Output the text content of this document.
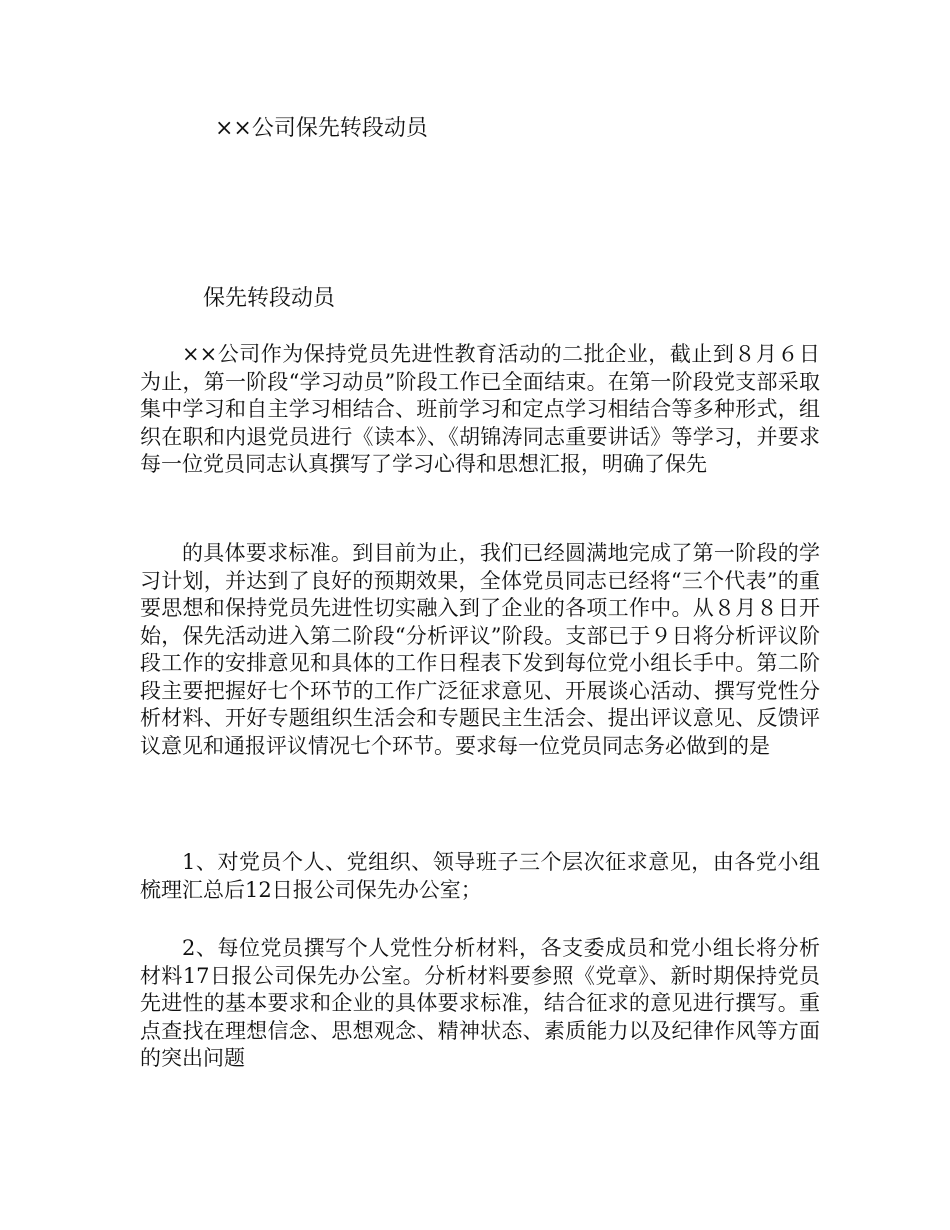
××公司保先转段动员
保先转段动员

××公司作为保持党员先进性教育活动的二批企业，截止到８月６日为止，第一阶段“学习动员”阶段工作已全面结束。在第一阶段党支部采取集中学习和自主学习相结合、班前学习和定点学习相结合等多种形式，组织在职和内退党员进行《读本》、《胡锦涛同志重要讲话》等学习，并要求每一位党员同志认真撰写了学习心得和思想汇报，明确了保先

的具体要求标准。到目前为止，我们已经圆满地完成了第一阶段的学习计划，并达到了良好的预期效果，全体党员同志已经将“三个代表”的重要思想和保持党员先进性切实融入到了企业的各项工作中。从８月８日开始，保先活动进入第二阶段“分析评议”阶段。支部已于９日将分析评议阶段工作的安排意见和具体的工作日程表下发到每位党小组长手中。第二阶段主要把握好七个环节的工作广泛征求意见、开展谈心活动、撰写党性分析材料、开好专题组织生活会和专题民主生活会、提出评议意见、反馈评议意见和通报评议情况七个环节。要求每一位党员同志务必做到的是

1、对党员个人、党组织、领导班子三个层次征求意见，由各党小组梳理汇总后12日报公司保先办公室；

2、每位党员撰写个人党性分析材料，各支委成员和党小组长将分析材料17日报公司保先办公室。分析材料要参照《党章》、新时期保持党员先进性的基本要求和企业的具体要求标准，结合征求的意见进行撰写。重点查找在理想信念、思想观念、精神状态、素质能力以及纪律作风等方面的突出问题
